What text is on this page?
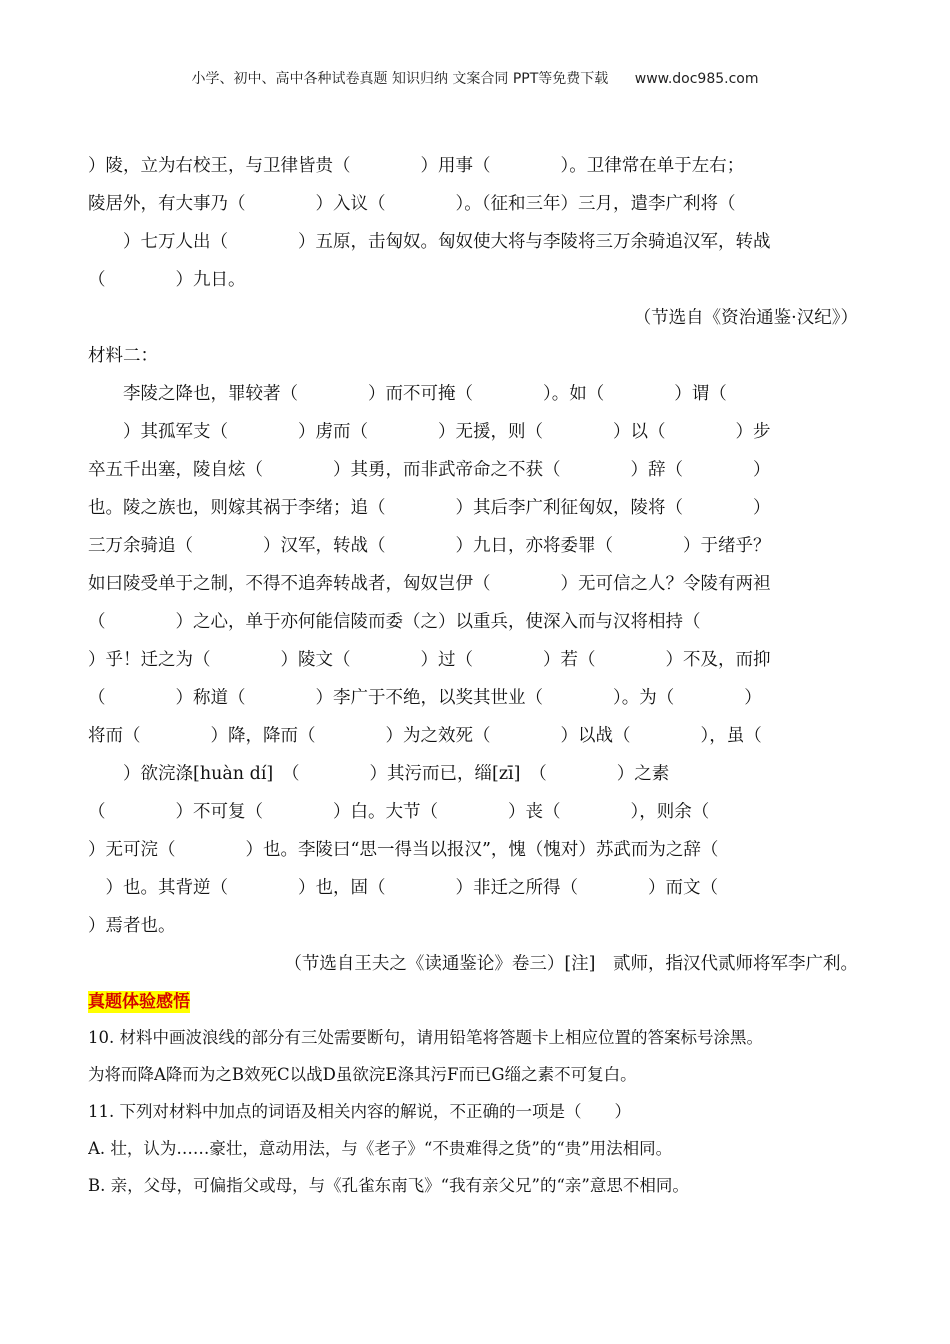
小学、初中、高中各种试卷真题 知识归纳 文案合同 PPT等免费下载 www.doc985.com
）陵，立为右校王，与卫律皆贵（　　　　）用事（　　　　）。卫律常在单于左右；
陵居外，有大事乃（　　　　）入议（　　　　）。（征和三年）三月，遣李广利将（
　　）七万人出（　　　　）五原，击匈奴。匈奴使大将与李陵将三万余骑追汉军，转战
（　　　　）九日。
（节选自《资治通鉴·汉纪》）
材料二：
　　李陵之降也，罪较著（　　　　）而不可掩（　　　　）。如（　　　　）谓（
　　）其孤军支（　　　　）虏而（　　　　）无援，则（　　　　）以（　　　　）步
卒五千出塞，陵自炫（　　　　）其勇，而非武帝命之不获（　　　　）辞（　　　　）
也。陵之族也，则嫁其祸于李绪；追（　　　　）其后李广利征匈奴，陵将（　　　　）
三万余骑追（　　　　）汉军，转战（　　　　）九日，亦将委罪（　　　　）于绪乎？
如曰陵受单于之制，不得不追奔转战者，匈奴岂伊（　　　　）无可信之人？令陵有两袒
（　　　　）之心，单于亦何能信陵而委（之）以重兵，使深入而与汉将相持（
）乎！迁之为（　　　　）陵文（　　　　）过（　　　　）若（　　　　）不及，而抑
（　　　　）称道（　　　　）李广于不绝，以奖其世业（　　　　）。为（　　　　）
将而（　　　　）降，降而（　　　　）为之效死（　　　　）以战（　　　　），虽（
　　）欲浣涤[huàn dí]　（　　　　）其污而已，缁[zī]　（　　　　）之素
（　　　　）不可复（　　　　）白。大节（　　　　）丧（　　　　），则余（
）无可浣（　　　　）也。李陵曰“思一得当以报汉”，愧（愧对）苏武而为之辞（
　）也。其背逆（　　　　）也，固（　　　　）非迁之所得（　　　　）而文（
）焉者也。
（节选自王夫之《读通鉴论》卷三）[注]　贰师，指汉代贰师将军李广利。
真题体验感悟
10. 材料中画波浪线的部分有三处需要断句，请用铅笔将答题卡上相应位置的答案标号涂黑。
为将而降A降而为之B效死C以战D虽欲浣E涤其污F而已G缁之素不可复白。
11. 下列对材料中加点的词语及相关内容的解说，不正确的一项是（　　）
A. 壮，认为……豪壮，意动用法，与《老子》“不贵难得之货”的“贵”用法相同。
B. 亲，父母，可偏指父或母，与《孔雀东南飞》“我有亲父兄”的“亲”意思不相同。
